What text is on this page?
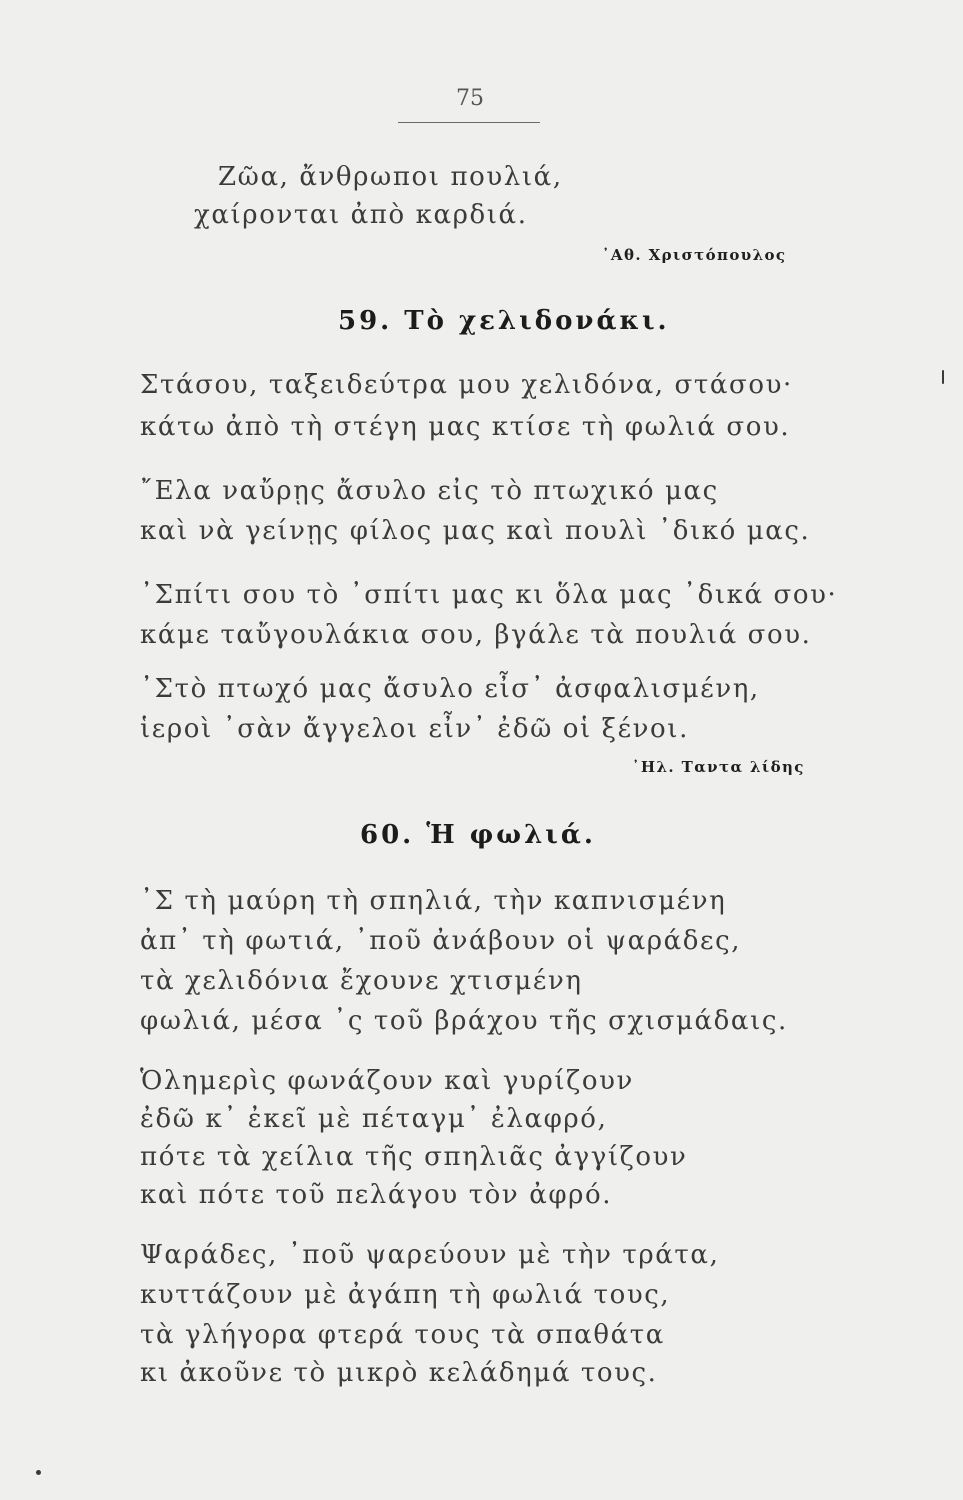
75
Ζῶα, ἄνθρωποι πουλιά,
χαίρονται ἀπὸ καρδιά.
᾿Αθ. Χριστόπουλος
59. Τὸ χελιδονάκι.
Στάσου, ταξειδεύτρα μου χελιδόνα, στάσου·
κάτω ἀπὸ τὴ στέγη μας κτίσε τὴ φωλιά σου.
῎Ελα ναὔρῃς ἄσυλο εἰς τὸ πτωχικό μας
καὶ νὰ γείνῃς φίλος μας καὶ πουλὶ ᾿δικό μας.
᾿Σπίτι σου τὸ ᾿σπίτι μας κι ὅλα μας ᾿δικά σου·
κάμε ταὔγουλάκια σου, βγάλε τὰ πουλιά σου.
᾿Στὸ πτωχό μας ἄσυλο εἶσ᾿ ἀσφαλισμένη,
ἱεροὶ ᾿σὰν ἄγγελοι εἶν᾿ ἐδῶ οἱ ξένοι.
᾿Ηλ. Ταντα λίδης
60. Ἡ φωλιά.
᾿Σ τὴ μαύρη τὴ σπηλιά, τὴν καπνισμένη
ἀπ᾿ τὴ φωτιά, ᾿ποῦ ἀνάβουν οἱ ψαράδες,
τὰ χελιδόνια ἔχουνε χτισμένη
φωλιά, μέσα ᾿ς τοῦ βράχου τῆς σχισμάδαις.
Ὁλημερὶς φωνάζουν καὶ γυρίζουν
ἐδῶ κ᾿ ἐκεῖ μὲ πέταγμ᾿ ἐλαφρό,
πότε τὰ χείλια τῆς σπηλιᾶς ἀγγίζουν
καὶ πότε τοῦ πελάγου τὸν ἀφρό.
Ψαράδες, ᾿ποῦ ψαρεύουν μὲ τὴν τράτα,
κυττάζουν μὲ ἀγάπη τὴ φωλιά τους,
τὰ γλήγορα φτερά τους τὰ σπαθάτα
κι ἀκοῦνε τὸ μικρὸ κελάδημά τους.
